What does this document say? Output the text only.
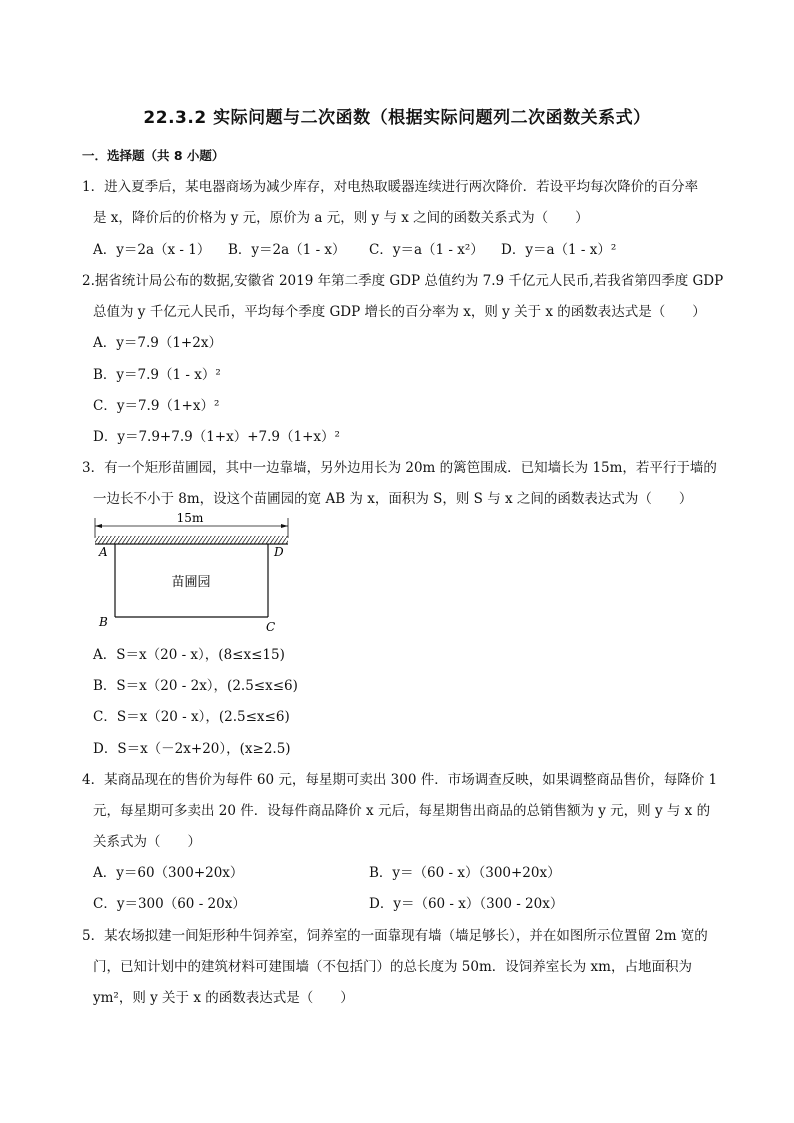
22.3.2 实际问题与二次函数（根据实际问题列二次函数关系式）
一．选择题（共 8 小题）
1．进入夏季后，某电器商场为减少库存，对电热取暖器连续进行两次降价．若设平均每次降价的百分率
是 x，降价后的价格为 y 元，原价为 a 元，则 y 与 x 之间的函数关系式为（　　）
A．y＝2a（x - 1） B．y＝2a（1 - x） C．y＝a（1 - x²） D．y＝a（1 - x）²
2.据省统计局公布的数据,安徽省 2019 年第二季度 GDP 总值约为 7.9 千亿元人民币,若我省第四季度 GDP
总值为 y 千亿元人民币，平均每个季度 GDP 增长的百分率为 x，则 y 关于 x 的函数表达式是（　　）
A．y＝7.9（1+2x）
B．y＝7.9（1 - x）²
C．y＝7.9（1+x）²
D．y＝7.9+7.9（1+x）+7.9（1+x）²
3．有一个矩形苗圃园，其中一边靠墙，另外边用长为 20m 的篱笆围成．已知墙长为 15m，若平行于墙的
一边长不小于 8m，设这个苗圃园的宽 AB 为 x，面积为 S，则 S 与 x 之间的函数表达式为（　　）
15m
A	D
B	C
苗圃园
A．S＝x（20 - x），(8≤x≤15)
B．S＝x（20 - 2x），(2.5≤x≤6)
C．S＝x（20 - x），(2.5≤x≤6)
D．S＝x（－2x+20），(x≥2.5)
4．某商品现在的售价为每件 60 元，每星期可卖出 300 件．市场调查反映，如果调整商品售价，每降价 1
元，每星期可多卖出 20 件．设每件商品降价 x 元后，每星期售出商品的总销售额为 y 元，则 y 与 x 的
关系式为（　　）
A．y＝60（300+20x）	B．y＝（60 - x）（300+20x）
C．y＝300（60 - 20x）	D．y＝（60 - x）（300 - 20x）
5．某农场拟建一间矩形种牛饲养室，饲养室的一面靠现有墙（墙足够长），并在如图所示位置留 2m 宽的
门，已知计划中的建筑材料可建围墙（不包括门）的总长度为 50m．设饲养室长为 xm，占地面积为
ym²，则 y 关于 x 的函数表达式是（　　）
